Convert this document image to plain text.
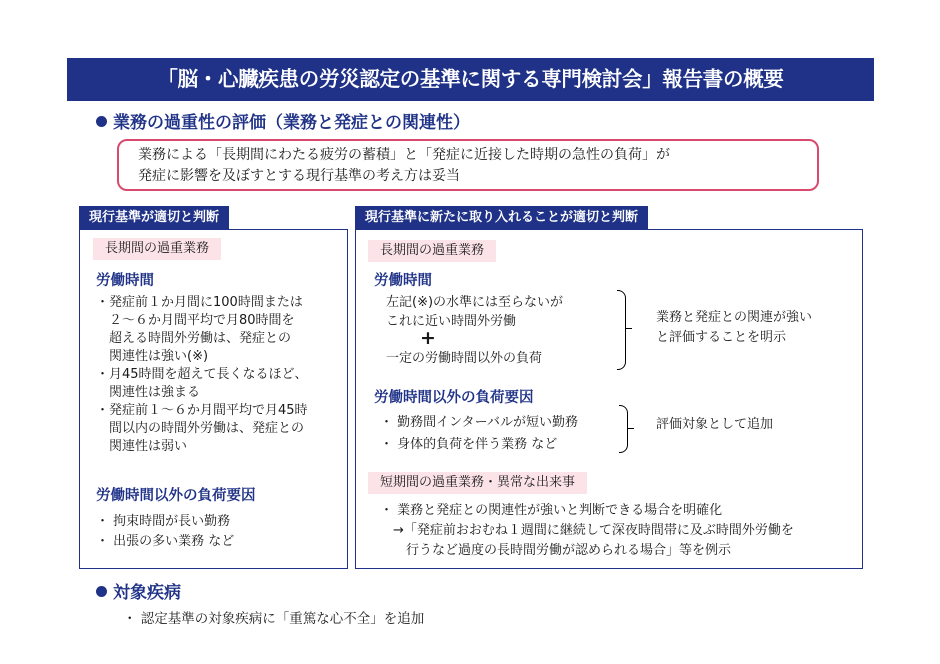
「脳・心臓疾患の労災認定の基準に関する専門検討会」報告書の概要
業務の過重性の評価（業務と発症との関連性）
業務による「長期間にわたる疲労の蓄積」と「発症に近接した時期の急性の負荷」が
発症に影響を及ぼすとする現行基準の考え方は妥当
現行基準が適切と判断
長期間の過重業務
労働時間
・発症前１か月間に100時間または
　２～６か月間平均で月80時間を
　超える時間外労働は、発症との
　関連性は強い(※)
・月45時間を超えて長くなるほど、
　関連性は強まる
・発症前１～６か月間平均で月45時
　間以内の時間外労働は、発症との
　関連性は弱い
労働時間以外の負荷要因
・ 拘束時間が長い勤務
・ 出張の多い業務 など
現行基準に新たに取り入れることが適切と判断
長期間の過重業務
労働時間
左記(※)の水準には至らないが
これに近い時間外労働
+
一定の労働時間以外の負荷
業務と発症との関連が強い
と評価することを明示
労働時間以外の負荷要因
・ 勤務間インターバルが短い勤務
・ 身体的負荷を伴う業務 など
評価対象として追加
短期間の過重業務・異常な出来事
・ 業務と発症との関連性が強いと判断できる場合を明確化
　→「発症前おおむね１週間に継続して深夜時間帯に及ぶ時間外労働を
　　行うなど過度の長時間労働が認められる場合」等を例示
対象疾病
・ 認定基準の対象疾病に「重篤な心不全」を追加
